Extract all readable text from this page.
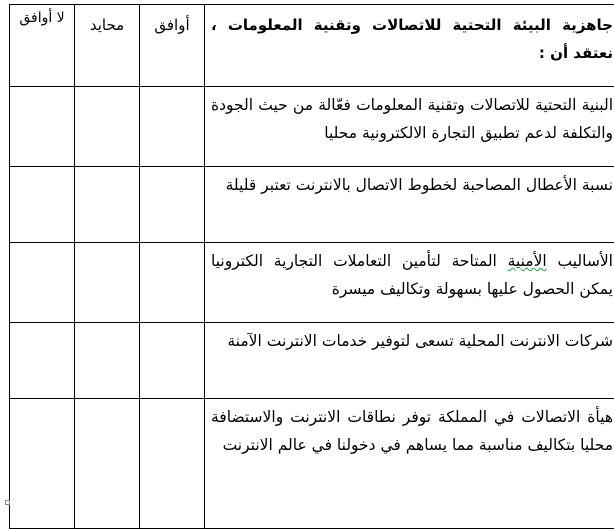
جاهزية البيئة التحتية للاتصالات وتقنية المعلومات ، نعتقد أن :	أوافق	محايد	لا أوافق
البنية التحتية للاتصالات وتقنية المعلومات فعّالة من حيث الجودة والتكلفة لدعم تطبيق التجارة الالكترونية محليا			
نسبة الأعطال المصاحبة لخطوط الاتصال بالانترنت تعتبر قليلة			
الأساليب الأمنية المتاحة لتأمين التعاملات التجارية الكترونيا يمكن الحصول عليها بسهولة وتكاليف ميسرة			
شركات الانترنت المحلية تسعى لتوفير خدمات الانترنت الآمنة			
هيأة الاتصالات في المملكة توفر نطاقات الانترنت والاستضافة محليا بتكاليف مناسبة مما يساهم في دخولنا في عالم الانترنت			
